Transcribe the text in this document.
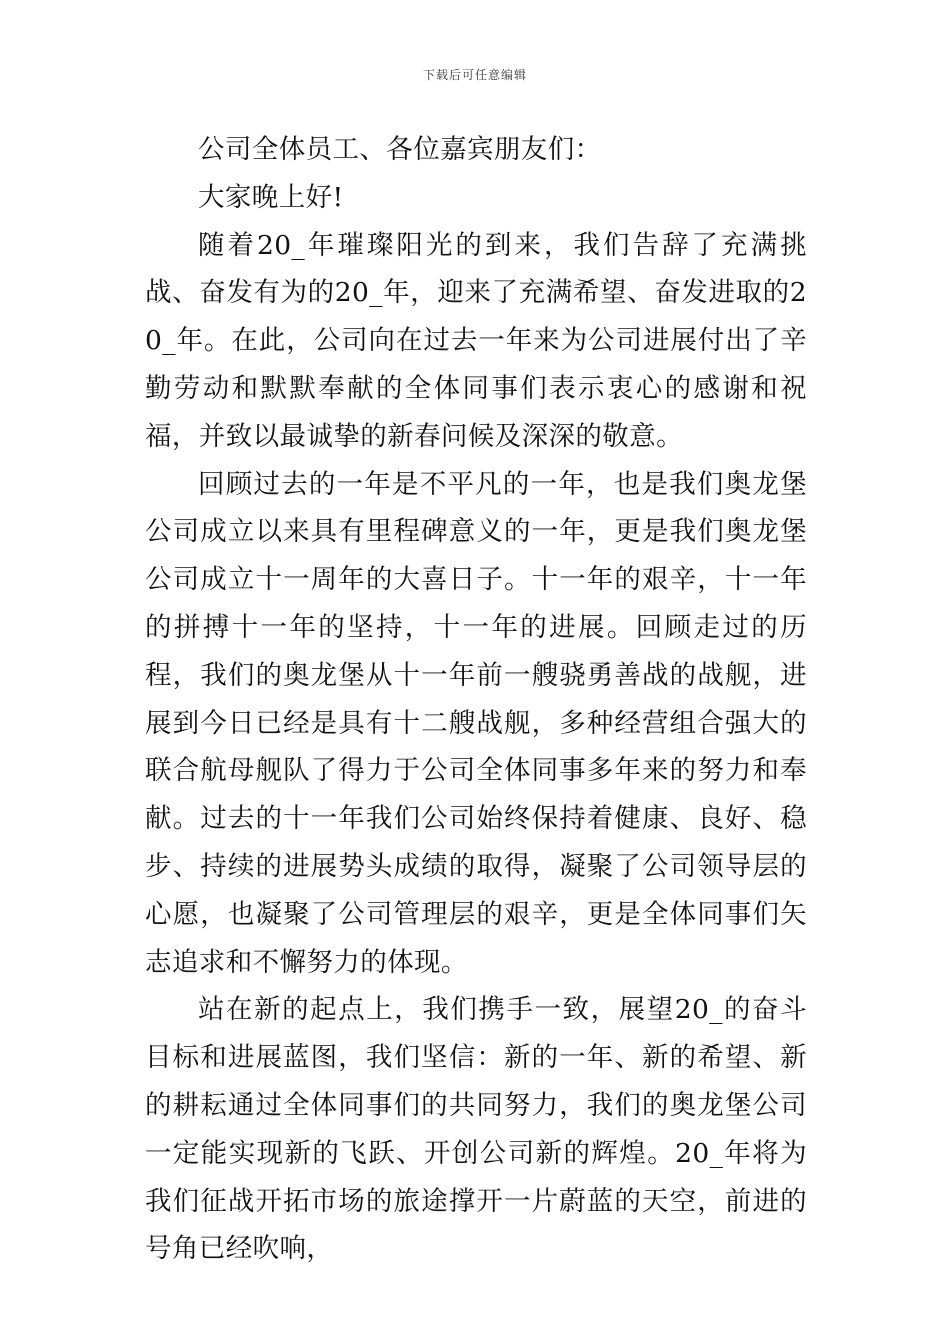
下载后可任意编辑

公司全体员工、各位嘉宾朋友们：

大家晚上好!

随着20_年璀璨阳光的到来，我们告辞了充满挑战、奋发有为的20_年，迎来了充满希望、奋发进取的20_年。在此，公司向在过去一年来为公司进展付出了辛勤劳动和默默奉献的全体同事们表示衷心的感谢和祝福，并致以最诚挚的新春问候及深深的敬意。

回顾过去的一年是不平凡的一年，也是我们奥龙堡公司成立以来具有里程碑意义的一年，更是我们奥龙堡公司成立十一周年的大喜日子。十一年的艰辛，十一年的拼搏十一年的坚持，十一年的进展。回顾走过的历程，我们的奥龙堡从十一年前一艘骁勇善战的战舰，进展到今日已经是具有十二艘战舰，多种经营组合强大的联合航母舰队了得力于公司全体同事多年来的努力和奉献。过去的十一年我们公司始终保持着健康、良好、稳步、持续的进展势头成绩的取得，凝聚了公司领导层的心愿，也凝聚了公司管理层的艰辛，更是全体同事们矢志追求和不懈努力的体现。

站在新的起点上，我们携手一致，展望20_的奋斗目标和进展蓝图，我们坚信：新的一年、新的希望、新的耕耘通过全体同事们的共同努力，我们的奥龙堡公司一定能实现新的飞跃、开创公司新的辉煌。20_年将为我们征战开拓市场的旅途撑开一片蔚蓝的天空，前进的号角已经吹响，
